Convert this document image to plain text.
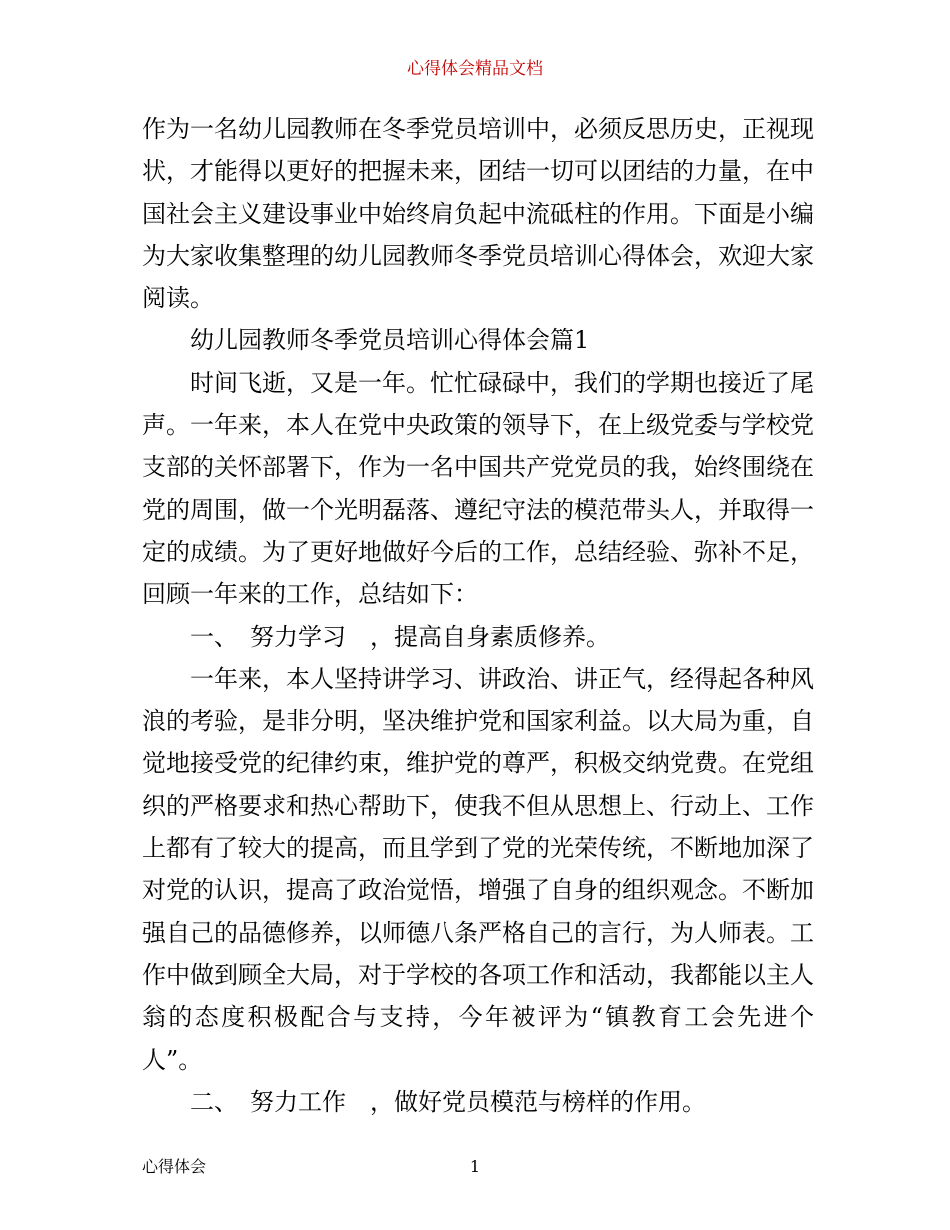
心得体会精品文档

作为一名幼儿园教师在冬季党员培训中，必须反思历史，正视现状，才能得以更好的把握未来，团结一切可以团结的力量，在中国社会主义建设事业中始终肩负起中流砥柱的作用。下面是小编为大家收集整理的幼儿园教师冬季党员培训心得体会，欢迎大家阅读。

幼儿园教师冬季党员培训心得体会篇1

时间飞逝，又是一年。忙忙碌碌中，我们的学期也接近了尾声。一年来，本人在党中央政策的领导下，在上级党委与学校党支部的关怀部署下，作为一名中国共产党党员的我，始终围绕在党的周围，做一个光明磊落、遵纪守法的模范带头人，并取得一定的成绩。为了更好地做好今后的工作，总结经验、弥补不足，回顾一年来的工作，总结如下：

一、　努力学习　，提高自身素质修养。

一年来，本人坚持讲学习、讲政治、讲正气，经得起各种风浪的考验，是非分明，坚决维护党和国家利益。以大局为重，自觉地接受党的纪律约束，维护党的尊严，积极交纳党费。在党组织的严格要求和热心帮助下，使我不但从思想上、行动上、工作上都有了较大的提高，而且学到了党的光荣传统，不断地加深了对党的认识，提高了政治觉悟，增强了自身的组织观念。不断加强自己的品德修养，以师德八条严格自己的言行，为人师表。工作中做到顾全大局，对于学校的各项工作和活动，我都能以主人翁的态度积极配合与支持，今年被评为“镇教育工会先进个人”。

二、　努力工作　，做好党员模范与榜样的作用。

心得体会	1
